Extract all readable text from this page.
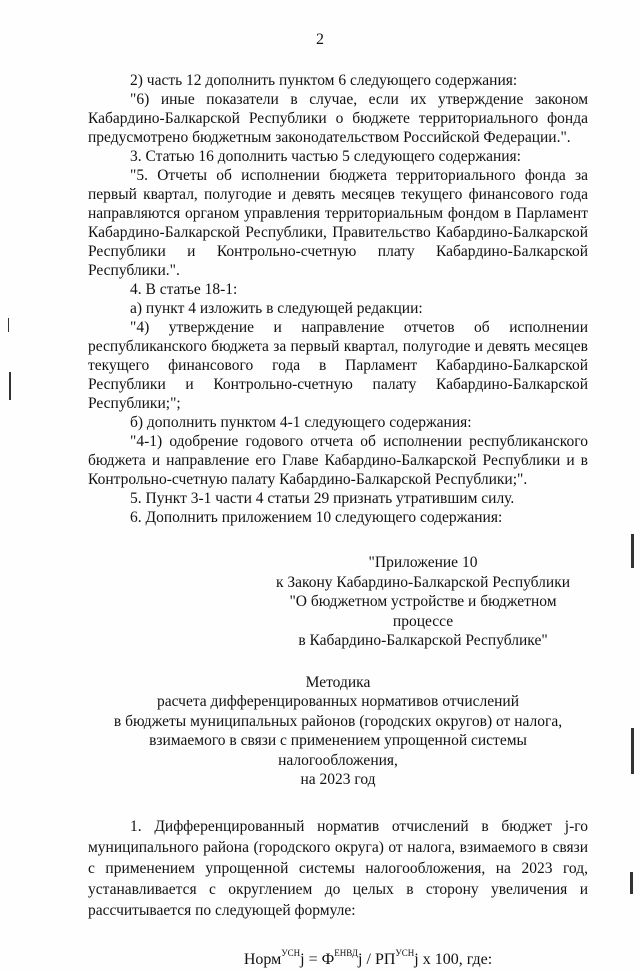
2

2) часть 12 дополнить пунктом 6 следующего содержания:

"6) иные показатели в случае, если их утверждение законом Кабардино-Балкарской Республики о бюджете территориального фонда предусмотрено бюджетным законодательством Российской Федерации.".

3. Статью 16 дополнить частью 5 следующего содержания:

"5. Отчеты об исполнении бюджета территориального фонда за первый квартал, полугодие и девять месяцев текущего финансового года направляются органом управления территориальным фондом в Парламент Кабардино-Балкарской Республики, Правительство Кабардино-Балкарской Республики и Контрольно-счетную плату Кабардино-Балкарской Республики.".

4. В статье 18-1:

а) пункт 4 изложить в следующей редакции:

"4) утверждение и направление отчетов об исполнении республиканского бюджета за первый квартал, полугодие и девять месяцев текущего финансового года в Парламент Кабардино-Балкарской Республики и Контрольно-счетную палату Кабардино-Балкарской Республики;";

б) дополнить пунктом 4-1 следующего содержания:

"4-1) одобрение годового отчета об исполнении республиканского бюджета и направление его Главе Кабардино-Балкарской Республики и в Контрольно-счетную палату Кабардино-Балкарской Республики;".

5. Пункт 3-1 части 4 статьи 29 признать утратившим силу.

6. Дополнить приложением 10 следующего содержания:

"Приложение 10
к Закону Кабардино-Балкарской Республики
"О бюджетном устройстве и бюджетном процессе
в Кабардино-Балкарской Республике"
Методика
расчета дифференцированных нормативов отчислений
в бюджеты муниципальных районов (городских округов) от налога,
взимаемого в связи с применением упрощенной системы налогообложения,
на 2023 год

1. Дифференцированный норматив отчислений в бюджет j-го муниципального района (городского округа) от налога, взимаемого в связи с применением упрощенной системы налогообложения, на 2023 год, устанавливается с округлением до целых в сторону увеличения и рассчитывается по следующей формуле:

Норм$^{УСН}$j = $Ф^{ЕНВД}j / РП^{УСН}j$ x 100, где:
